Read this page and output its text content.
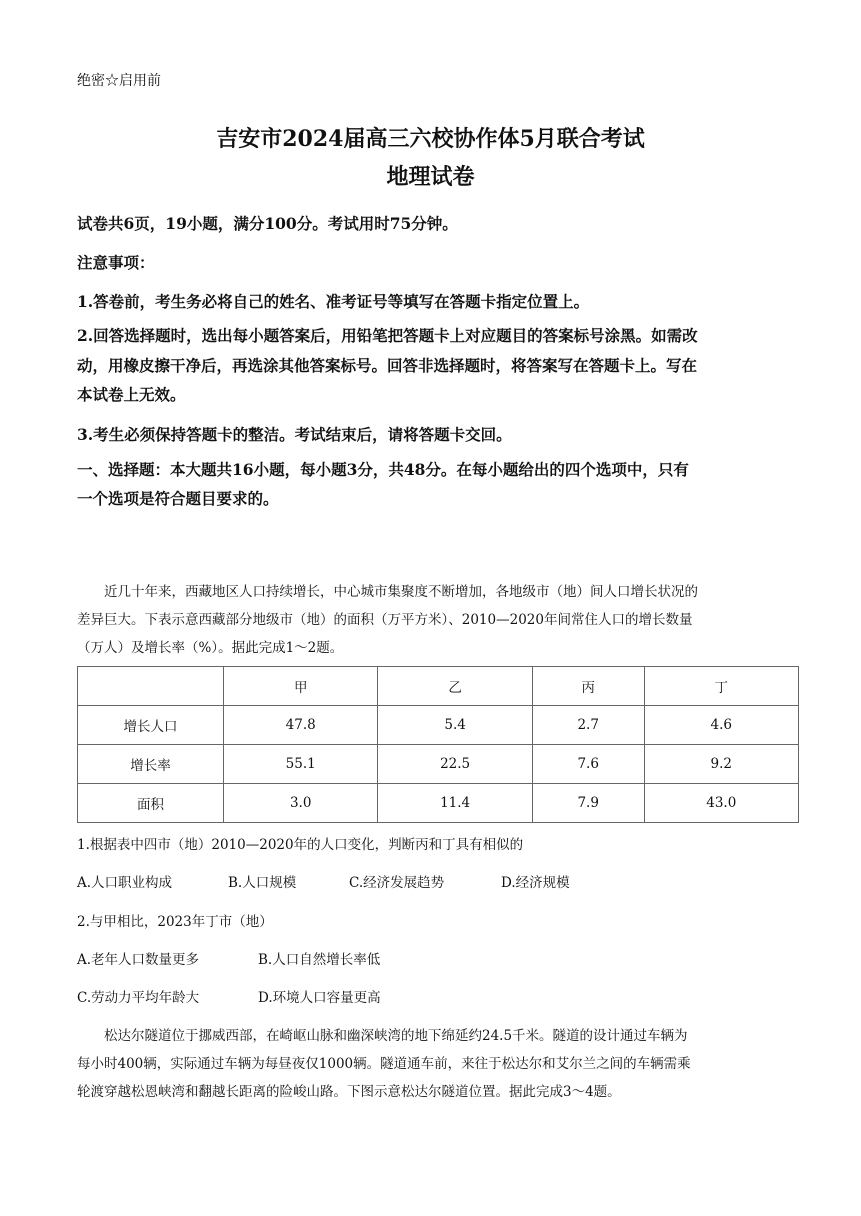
绝密☆启用前
吉安市2024届高三六校协作体5月联合考试
地理试卷
试卷共6页，19小题，满分100分。考试用时75分钟。
注意事项：
1.答卷前，考生务必将自己的姓名、准考证号等填写在答题卡指定位置上。
2.回答选择题时，选出每小题答案后，用铅笔把答题卡上对应题目的答案标号涂黑。如需改
动，用橡皮擦干净后，再选涂其他答案标号。回答非选择题时，将答案写在答题卡上。写在
本试卷上无效。
3.考生必须保持答题卡的整洁。考试结束后，请将答题卡交回。
一、选择题：本大题共16小题，每小题3分，共48分。在每小题给出的四个选项中，只有
一个选项是符合题目要求的。
近几十年来，西藏地区人口持续增长，中心城市集聚度不断增加，各地级市（地）间人口增长状况的
差异巨大。下表示意西藏部分地级市（地）的面积（万平方米）、2010—2020年间常住人口的增长数量
（万人）及增长率（%）。据此完成1～2题。
	甲	乙	丙	丁
增长人口	47.8	5.4	2.7	4.6
增长率	55.1	22.5	7.6	9.2
面积	3.0	11.4	7.9	43.0
1.根据表中四市（地）2010—2020年的人口变化，判断丙和丁具有相似的
A.人口职业构成	B.人口规模	C.经济发展趋势	D.经济规模
2.与甲相比，2023年丁市（地）
A.老年人口数量更多	B.人口自然增长率低
C.劳动力平均年龄大	D.环境人口容量更高
松达尔隧道位于挪威西部，在崎岖山脉和幽深峡湾的地下绵延约24.5千米。隧道的设计通过车辆为
每小时400辆，实际通过车辆为每昼夜仅1000辆。隧道通车前，来往于松达尔和艾尔兰之间的车辆需乘
轮渡穿越松恩峡湾和翻越长距离的险峻山路。下图示意松达尔隧道位置。据此完成3～4题。
